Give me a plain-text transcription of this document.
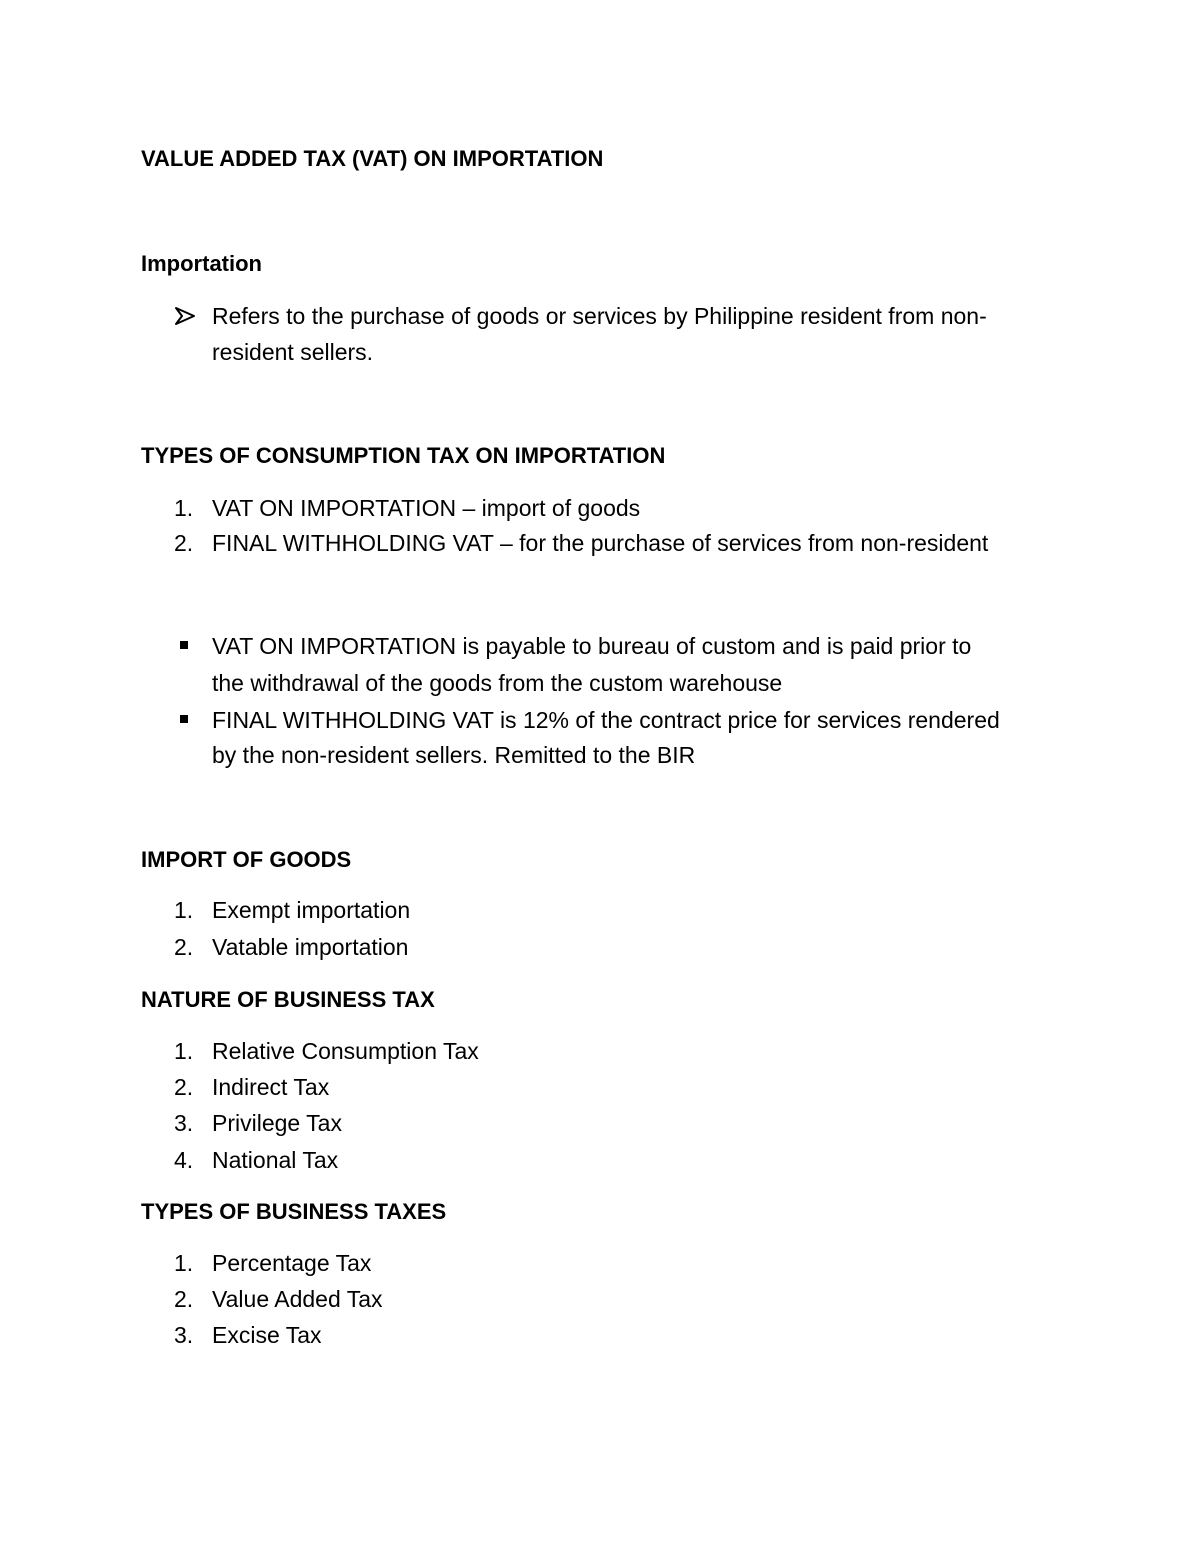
VALUE ADDED TAX (VAT) ON IMPORTATION
Importation
Refers to the purchase of goods or services by Philippine resident from non-
resident sellers.
TYPES OF CONSUMPTION TAX ON IMPORTATION
1. VAT ON IMPORTATION – import of goods
2. FINAL WITHHOLDING VAT – for the purchase of services from non-resident
VAT ON IMPORTATION is payable to bureau of custom and is paid prior to
the withdrawal of the goods from the custom warehouse
FINAL WITHHOLDING VAT is 12% of the contract price for services rendered
by the non-resident sellers. Remitted to the BIR
IMPORT OF GOODS
1. Exempt importation
2. Vatable importation
NATURE OF BUSINESS TAX
1. Relative Consumption Tax
2. Indirect Tax
3. Privilege Tax
4. National Tax
TYPES OF BUSINESS TAXES
1. Percentage Tax
2. Value Added Tax
3. Excise Tax
